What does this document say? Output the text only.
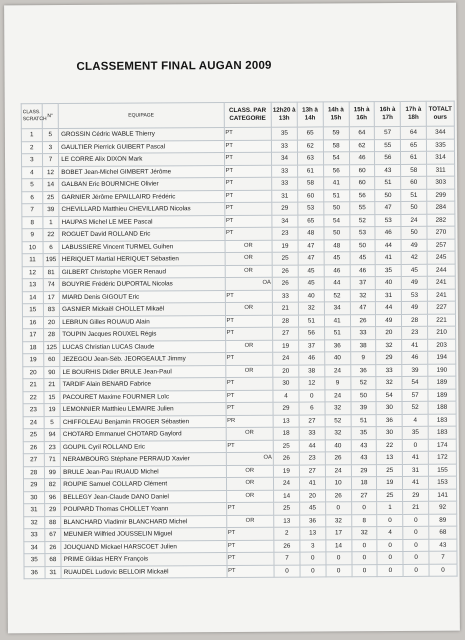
CLASSEMENT FINAL AUGAN 2009
CLASS. SCRATCH	N°	EQUIPAGE	CLASS. PAR CATEGORIE	12h20 à 13h	13h à 14h	14h à 15h	15h à 16h	16h à 17h	17h à 18h	TOTALT ours
1	5	GROSSIN Cédric WABLE Thierry	PT	35	65	59	64	57	64	344
2	3	GAULTIER Pierrick GUIBERT Pascal	PT	33	62	58	62	55	65	335
3	7	LE CORRE Alix DIXON Mark	PT	34	63	54	46	56	61	314
4	12	BOBET Jean-Michel GIMBERT Jérôme	PT	33	61	56	60	43	58	311
5	14	GALBAN Eric BOURNICHE Olivier	PT	33	58	41	60	51	60	303
6	25	GARNIER Jérôme EPAILLAIRD Frédéric	PT	31	60	51	56	50	51	299
7	39	CHEVILLARD Matthieu CHEVILLARD Nicolas	PT	29	53	50	55	47	50	284
8	1	HAUPAS Michel LE MEE Pascal	PT	34	65	54	52	53	24	282
9	22	ROGUET David ROLLAND Eric	PT	23	48	50	53	46	50	270
10	6	LABUSSIERE Vincent TURMEL Guihen	OR	19	47	48	50	44	49	257
11	195	HERIQUET Martial HERIQUET Sébastien	OR	25	47	45	45	41	42	245
12	81	GILBERT Christophe VIGER Renaud	OR	26	45	46	46	35	45	244
13	74	BOUYRIE Frédéric DUPORTAL Nicolas	OA	26	45	44	37	40	49	241
14	17	MIARD Denis GIGOUT Eric	PT	33	40	52	32	31	53	241
15	83	GASNIER Mickaël CHOLLET Mikaël	OR	21	32	34	47	44	49	227
16	20	LEBRUN Gilles ROUAUD Alain	PT	28	51	41	26	49	28	221
17	28	TOUPIN Jacques ROUXEL Régis	PT	27	56	51	33	20	23	210
18	125	LUCAS Christian LUCAS Claude	OR	19	37	36	38	32	41	203
19	60	JEZEGOU Jean-Séb. JEORGEAULT Jimmy	PT	24	46	40	9	29	46	194
20	90	LE BOURHIS Didier BRULE Jean-Paul	OR	20	38	24	36	33	39	190
21	21	TARDIF Alain BENARD Fabrice	PT	30	12	9	52	32	54	189
22	15	PACOURET Maxime FOURNIER Loïc	PT	4	0	24	50	54	57	189
23	19	LEMONNIER Matthieu LEMAIRE Julien	PT	29	6	32	39	30	52	188
24	5	CHIFFOLEAU Benjamin FROGER Sébastien	PR	13	27	52	51	36	4	183
25	94	CHOTARD Emmanuel CHOTARD Gaylord	OR	18	33	32	35	30	35	183
26	23	GOUPIL Cyril ROLLAND Eric	PT	25	44	40	43	22	0	174
27	71	NERAMBOURG Stéphane PERRAUD Xavier	OA	26	23	26	43	13	41	172
28	99	BRULE Jean-Pau IRUAUD Michel	OR	19	27	24	29	25	31	155
29	82	ROUPIE Samuel COLLARD Clément	OR	24	41	10	18	19	41	153
30	96	BELLEGY Jean-Claude DANO Daniel	OR	14	20	26	27	25	29	141
31	29	POUPARD Thomas CHOLLET Yoann	PT	25	45	0	0	1	21	92
32	88	BLANCHARD Vladimir BLANCHARD Michel	OR	13	36	32	8	0	0	89
33	67	MEUNIER Wilfried JOUSSELIN Miguel	PT	2	13	17	32	4	0	68
34	26	JOUQUAND Mickael HARSCOET Julien	PT	26	3	14	0	0	0	43
35	68	PRIME Gildas HERY François	PT	7	0	0	0	0	0	7
36	31	RUAUDEL Ludovic BELLOIR Mickaël	PT	0	0	0	0	0	0	0
